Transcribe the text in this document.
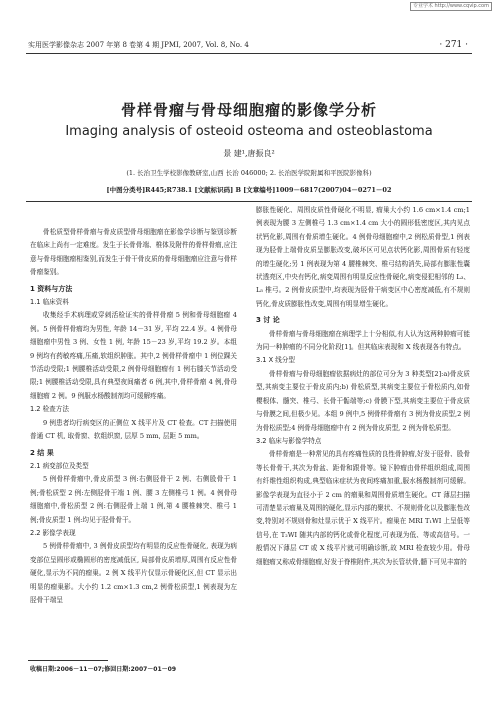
专业学术 http://www.cqvip.com
实用医学影像杂志 2007 年第 8 卷第 4 期 JPMI, 2007, Vol. 8, No. 4	· 271 ·
骨样骨瘤与骨母细胞瘤的影像学分析
Imaging analysis of osteoid osteoma and osteoblastoma
景 建¹,唐振良²
(1. 长治卫生学校影像教研室,山西 长治 046000; 2. 长治医学院附属和平医院影像科)
[中图分类号]R445;R738.1 [文献标识码] B [文章编号]1009－6817(2007)04－0271－02

骨松质型骨样骨瘤与骨皮质型骨母细胞瘤在影像学诊断与鉴别诊断在临床上尚有一定难度。发生于长骨骨端、椎体及附件的骨样骨瘤,应注意与骨母细胞瘤相鉴别,而发生于骨干骨皮质的骨母细胞瘤应注意与骨样骨瘤鉴别。

1 资料与方法

1.1 临床资料

收集经手术病理或穿刺活检证实的骨样骨瘤 5 例和骨母细胞瘤 4 例。5 例骨样骨瘤均为男性, 年龄 14－31 岁, 平均 22.4 岁。4 例骨母细胞瘤中男性 3 例、女性 1 例, 年龄 15－23 岁,平均 19.2 岁。本组 9 例均有药敏疼痛,压痛,软组织肿胀。其中,2 例骨样骨瘤中 1 例位踝关节活动受限;1 例腰椎活动受限,2 例骨母细胞瘤有 1 例右膝关节活动受限;1 例腰椎活动受限,具有典型夜间痛者 6 例,其中,骨样骨瘤 4 例,骨母细胞瘤 2 例。9 例服水杨酸制剂均可缓解疼痛。

1.2 检查方法

9 例患者均行病变区的正侧位 X 线平片及 CT 检查。CT 扫描使用普通 CT 机, 取骨窗、软组织窗, 层厚 5 mm, 层距 5 mm。

2 结 果

2.1 病变部位及类型

5 例骨样骨瘤中,骨皮质型 3 例:右侧胫骨干 2 例、右侧股骨干 1 例;骨松质型 2 例:左侧胫骨干端 1 例、腰 3 左侧椎弓 1 例。4 例骨母细胞瘤中,骨松质型 2 例:右侧胫骨上端 1 例,第 4 腰椎棘突、椎弓 1 例;骨皮质型 1 例:均见于胫骨骨干。

2.2 影像学表现

5 例骨样骨瘤中, 3 例骨皮质型均有明显的反应性骨硬化, 表现为病变部位呈圆形或椭圆形的密度减低区, 局部骨皮质增厚,周围有反应性骨硬化,显示为不同的瘤巢。2 例 X 线平片仅显示骨硬化区,但 CT 显示出明显的瘤巢影。大小约 1.2 cm×1.3 cm,2 例骨松质型,1 例表现为左胫骨干端呈

膨胀性硬化、周围皮质性骨硬化不明显, 瘤巢大小约 1.6 cm×1.4 cm;1 例表现为腰 3 左侧椎弓 1.3 cm×1.4 cm 大小的圆形低密度区,其内见点状钙化影,周围有骨质增生硬化。4 例骨母细胞瘤中,2 例松质骨型,1 例表现为胫骨上端骨皮质呈膨胀改变,破坏区可见点状钙化影,周围骨质有轻度的增生硬化;另 1 例表现为第 4 腰椎棘突、椎弓结构消失,局部有膨胀性囊状透亮区,中央有钙化,病变周围有明显反应性骨硬化,病变侵犯相邻的 L₃、L₅ 椎弓。2 例骨皮质型中,均表现为胫骨干病变区中心密度减低,有不规则钙化,骨皮质膨胀性改变,周围有明显增生硬化。

3 讨 论

骨样骨瘤与骨母细胞瘤在病理学上十分相似,有人认为这两种肿瘤可能为同一种肿瘤的不同分化阶段[1]。但其临床表现和 X 线表现各有特点。

3.1 X 线分型

骨样骨瘤与骨母细胞瘤依据病灶的部位可分为 3 种类型[2]:a)骨皮质型,其病变主要位于骨皮质内;b) 骨松质型,其病变主要位于骨松质内,如骨樱根体、髓突、椎弓、长骨干骺端等;c) 骨膜下型,其病变主要位于骨皮质与骨膜之间,但极少见。本组 9 例中,5 例骨样骨瘤有 3 例为骨皮质型,2 例为骨松质型;4 例骨母细胞瘤中有 2 例为骨皮质型, 2 例为骨松质型。

3.2 临床与影像学特点

骨样骨瘤是一种常见的具有疼痛性质的良性骨肿瘤,好发于胫骨、股骨等长骨骨干,其次为骨盆、距骨和跟骨等。镜下肿瘤由骨样组织组成,周围有纤维性组织构成,典型临床症状为夜间疼痛加重,服水杨酸制剂可缓解。影像学表现为直径小于 2 cm 的瘤巢和周围骨质增生硬化。CT 薄层扫描可清楚显示瘤巢及周围的硬化,显示内部的聚状、不规则骨化以及膨胀性改变,特别对不规则骨和灶显示优于 X 线平片。瘤巢在 MRI T₁WI 上呈低等信号,在 T₂WI 随其内部的钙化或骨化程度,可表现为低、等或高信号。一般情况下薄层 CT 或 X 线平片就可明确诊断,故 MRI 检查较少用。骨母细胞瘤又称成骨细胞瘤,好发于脊椎附件,其次为长管状骨,髓下可见丰富的

收稿日期:2006－11－07;修回日期:2007－01－09
